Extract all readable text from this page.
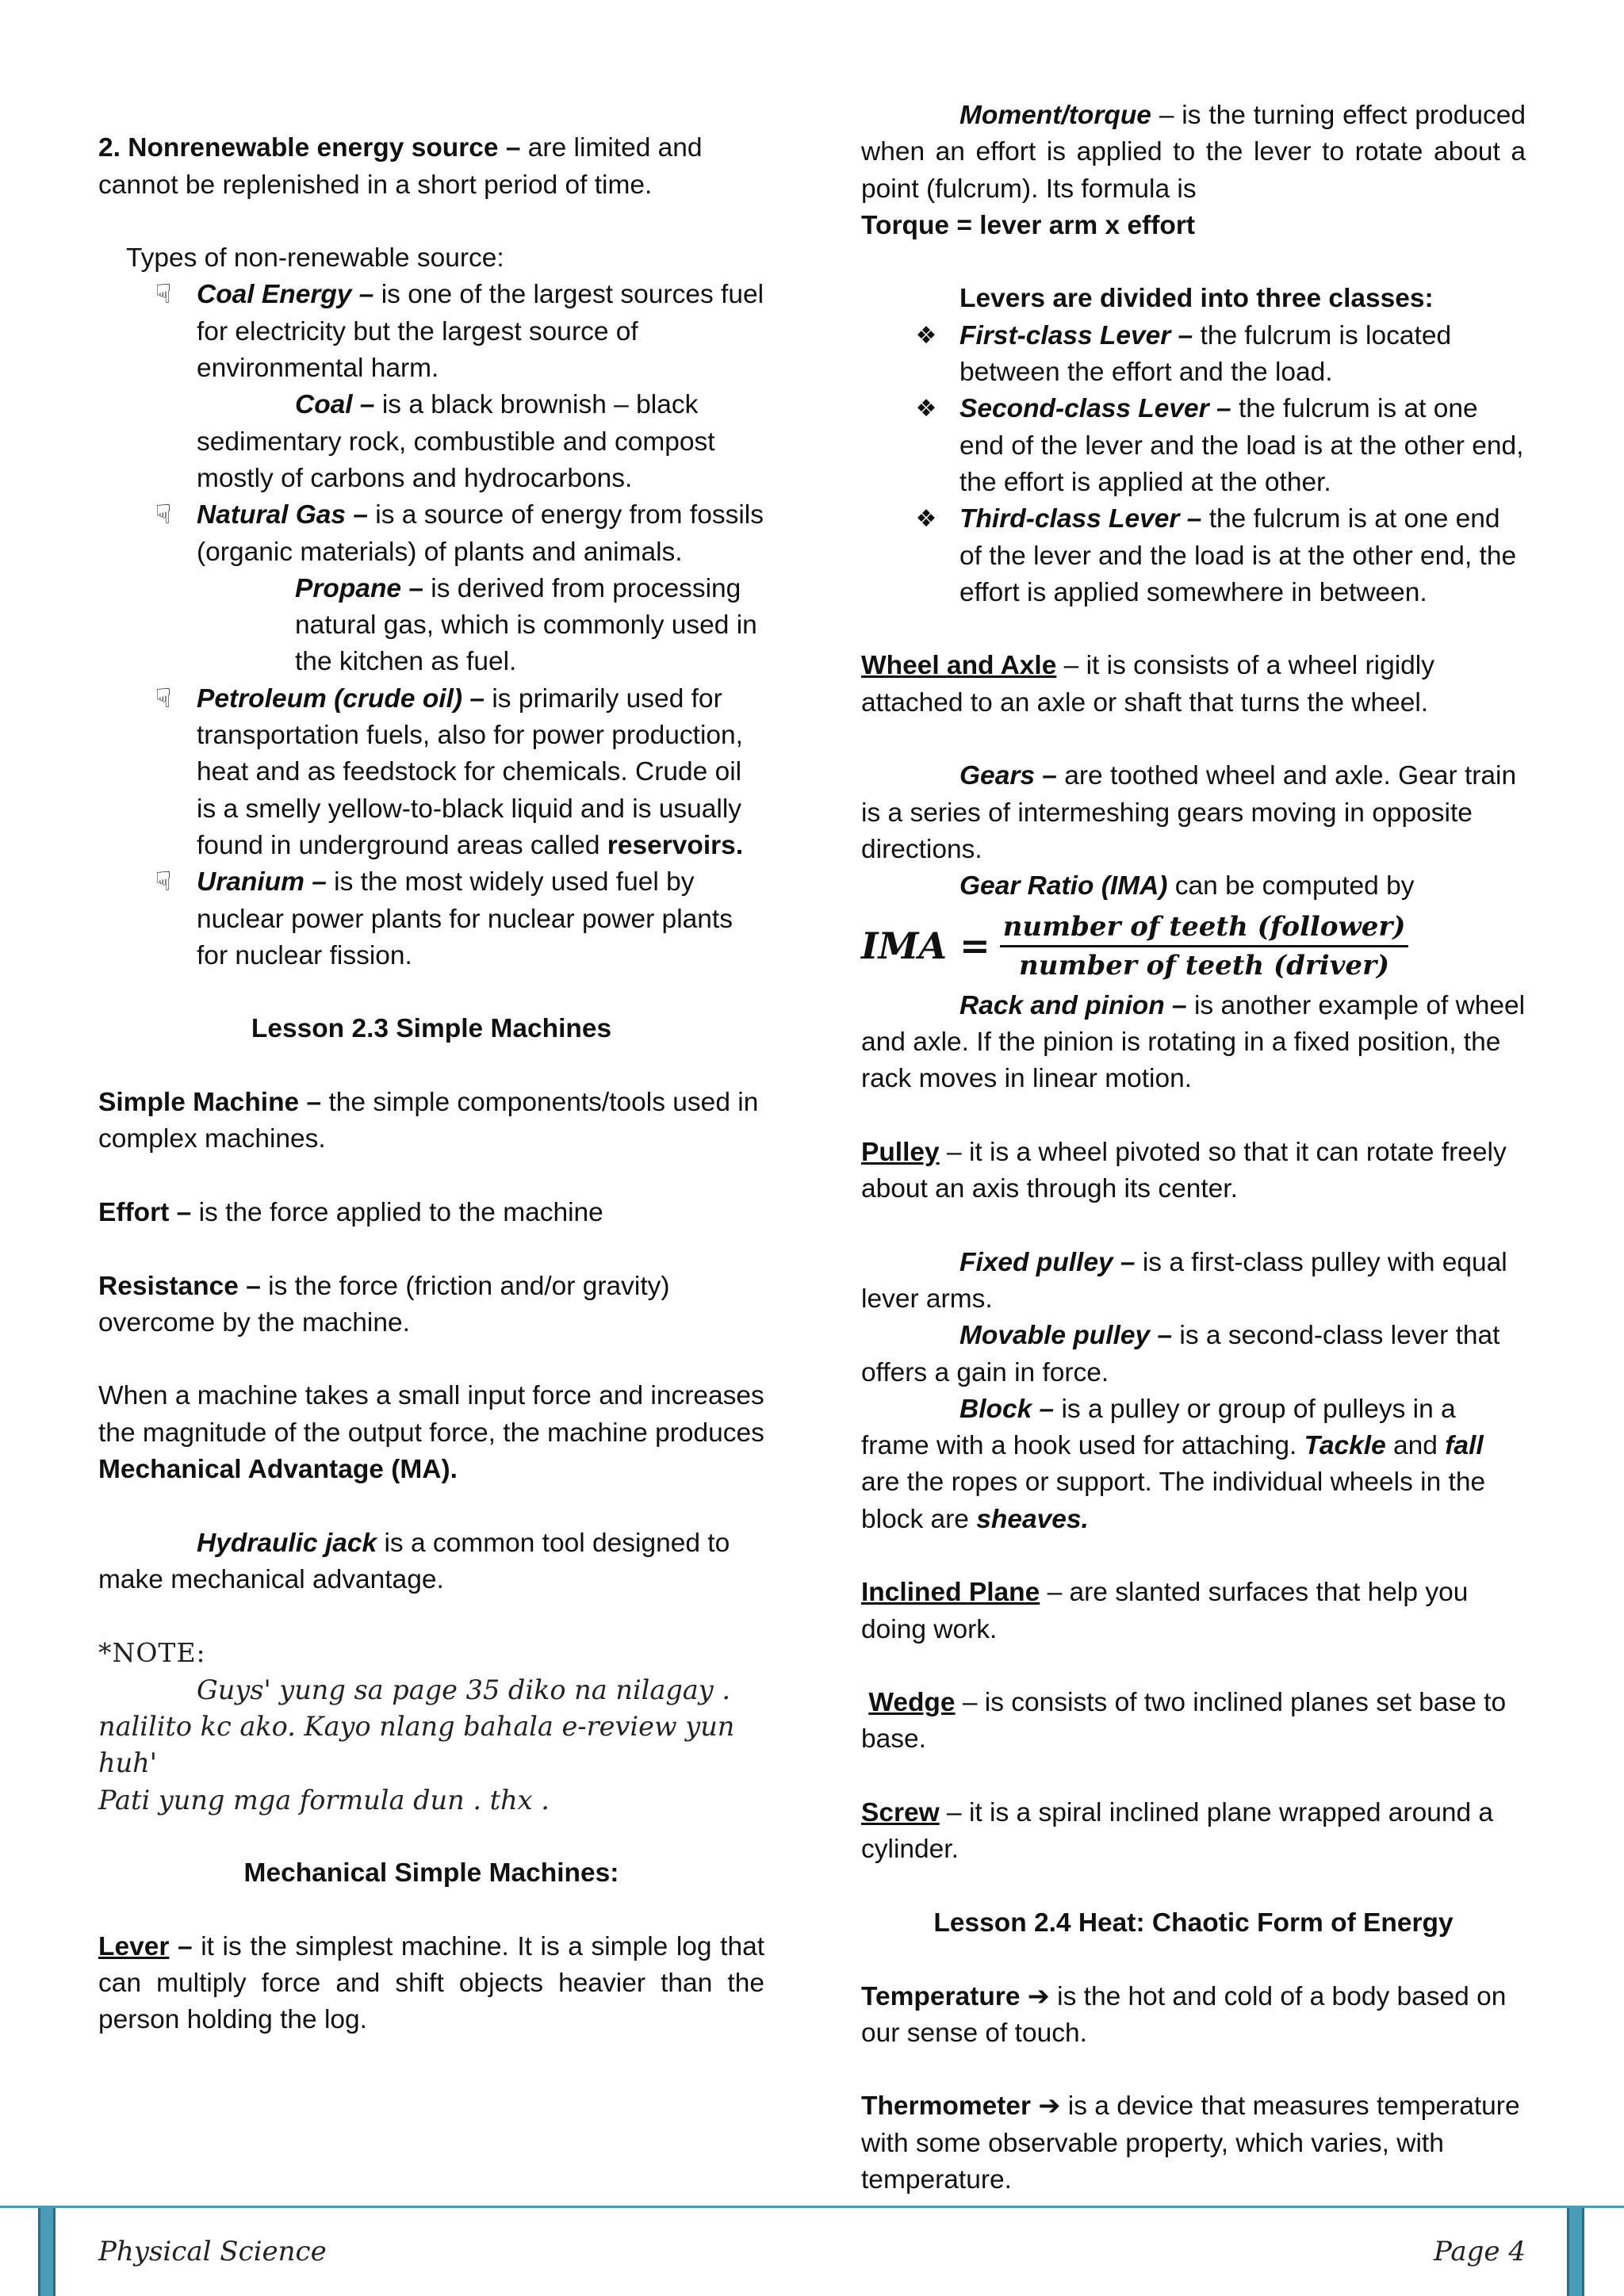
2. Nonrenewable energy source – are limited and cannot be replenished in a short period of time.

Types of non-renewable source:

☟ Coal Energy – is one of the largest sources fuel for electricity but the largest source of environmental harm.

Coal – is a black brownish – black sedimentary rock, combustible and compost mostly of carbons and hydrocarbons.

☟ Natural Gas – is a source of energy from fossils (organic materials) of plants and animals.

Propane – is derived from processing natural gas, which is commonly used in the kitchen as fuel.

☟ Petroleum (crude oil) – is primarily used for transportation fuels, also for power production, heat and as feedstock for chemicals. Crude oil is a smelly yellow-to-black liquid and is usually found in underground areas called reservoirs.

☟ Uranium – is the most widely used fuel by nuclear power plants for nuclear power plants for nuclear fission.

Lesson 2.3 Simple Machines

Simple Machine – the simple components/tools used in complex machines.

Effort – is the force applied to the machine

Resistance – is the force (friction and/or gravity) overcome by the machine.

When a machine takes a small input force and increases the magnitude of the output force, the machine produces Mechanical Advantage (MA).

Hydraulic jack is a common tool designed to make mechanical advantage.

*NOTE:

Guys' yung sa page 35 diko na nilagay .

nalilito kc ako. Kayo nlang bahala e-review yun huh'

Pati yung mga formula dun . thx .

Mechanical Simple Machines:

Lever – it is the simplest machine. It is a simple log that can multiply force and shift objects heavier than the person holding the log.

Moment/torque – is the turning effect produced when an effort is applied to the lever to rotate about a point (fulcrum). Its formula is

Torque = lever arm x effort

Levers are divided into three classes:

❖ First-class Lever – the fulcrum is located between the effort and the load.

❖ Second-class Lever – the fulcrum is at one end of the lever and the load is at the other end, the effort is applied at the other.

❖ Third-class Lever – the fulcrum is at one end of the lever and the load is at the other end, the effort is applied somewhere in between.

Wheel and Axle – it is consists of a wheel rigidly attached to an axle or shaft that turns the wheel.

Gears – are toothed wheel and axle. Gear train is a series of intermeshing gears moving in opposite directions.

Gear Ratio (IMA) can be computed by

IMA = $\frac{\text{number of teeth (follower)}}{\text{number of teeth (driver)}}$

Rack and pinion – is another example of wheel and axle. If the pinion is rotating in a fixed position, the rack moves in linear motion.

Pulley – it is a wheel pivoted so that it can rotate freely about an axis through its center.

Fixed pulley – is a first-class pulley with equal lever arms.

Movable pulley – is a second-class lever that offers a gain in force.

Block – is a pulley or group of pulleys in a frame with a hook used for attaching. Tackle and fall are the ropes or support. The individual wheels in the block are sheaves.

Inclined Plane – are slanted surfaces that help you doing work.

Wedge – is consists of two inclined planes set base to base.

Screw – it is a spiral inclined plane wrapped around a cylinder.

Lesson 2.4 Heat: Chaotic Form of Energy

Temperature ➔ is the hot and cold of a body based on our sense of touch.

Thermometer ➔ is a device that measures temperature with some observable property, which varies, with temperature.

Physical Science	Page 4
